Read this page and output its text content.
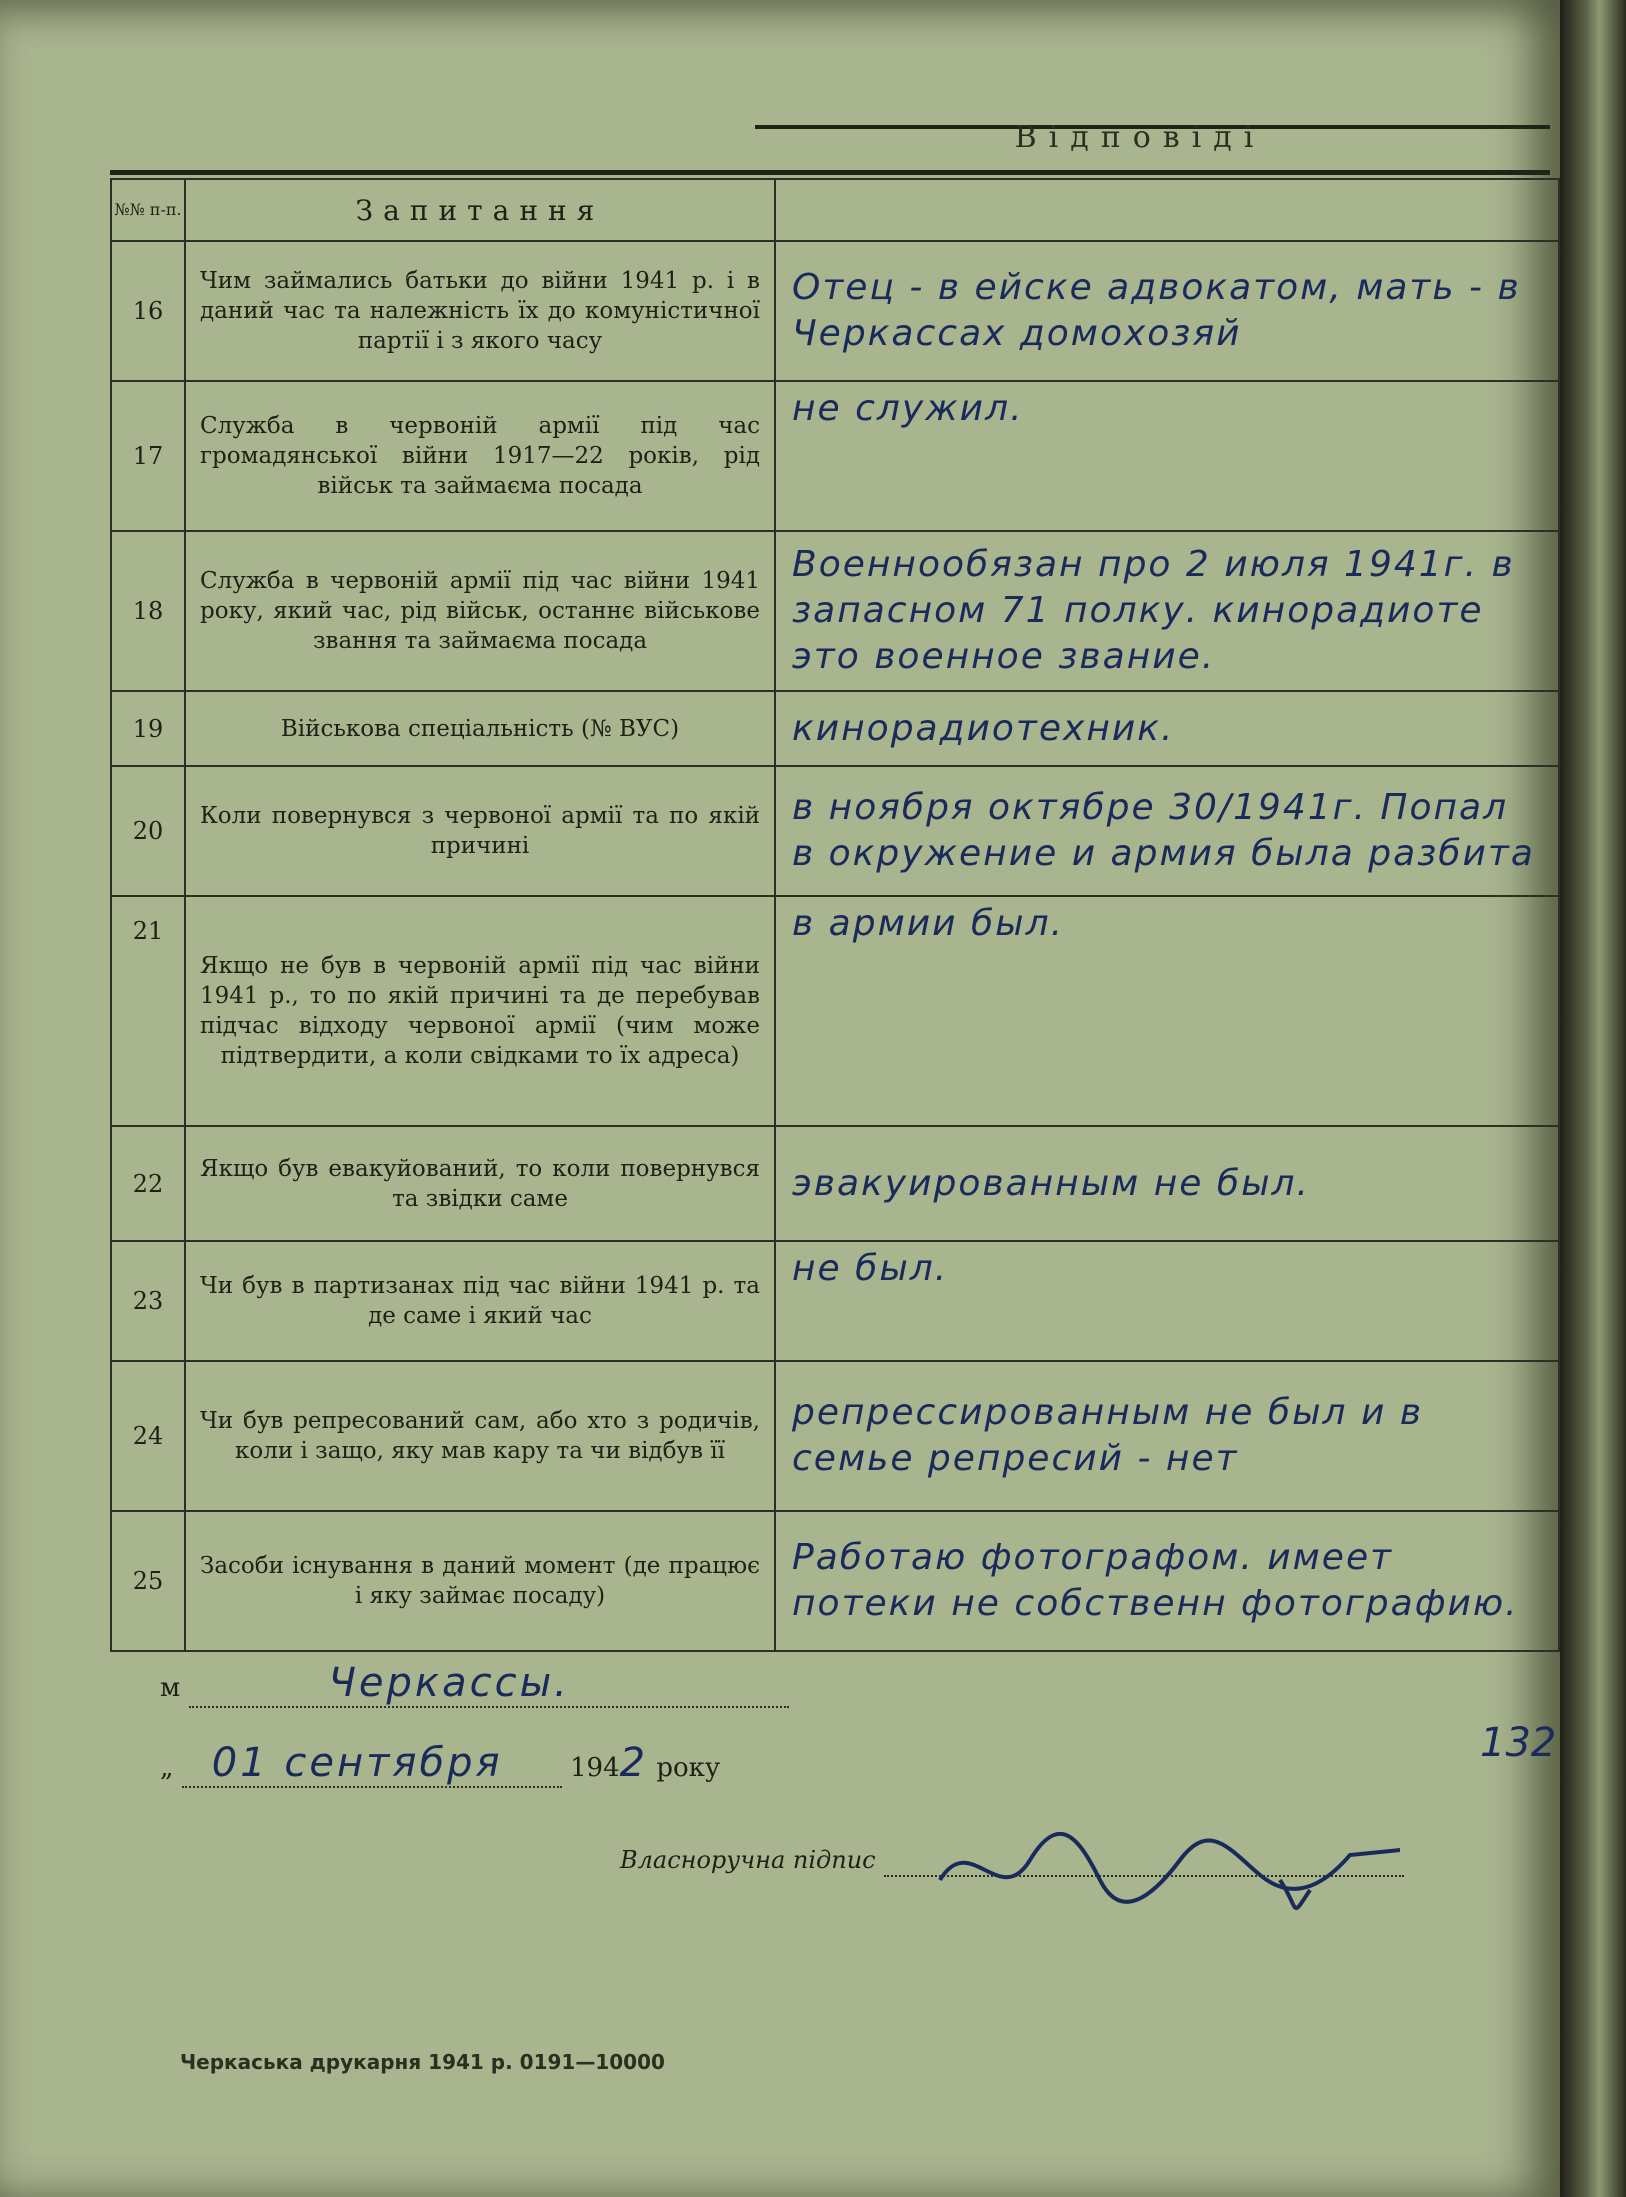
Відповіді
№№ п-п.	Запитання	
16	Чим займались батьки до війни 1941 р. і в даний час та належність їх до комуністичної партії і з якого часу	Отец - в ейске адвокатом, мать - в Черкассах домохозяй
17	Служба в червоній армії під час громадянської війни 1917—22 років, рід військ та займаєма посада	не служил.
18	Служба в червоній армії під час війни 1941 року, який час, рід військ, останнє військове звання та займаєма посада	Военнообязан про 2 июля 1941г. в запасном 71 полку. кинорадиоте это военное звание.
19	Військова спеціальність (№ ВУС)	кинорадиотехник.
20	Коли повернувся з червоної армії та по якій причині	в ноября октябре 30/1941г. Попал в окружение и армия была разбита
21	Якщо не був в червоній армії під час війни 1941 р., то по якій причині та де перебував підчас відходу червоної армії (чим може підтвердити, а коли свідками то їх адреса)	в армии был.
22	Якщо був евакуйований, то коли повернувся та звідки саме	эвакуированным не был.
23	Чи був в партизанах під час війни 1941 р. та де саме і який час	не был.
24	Чи був репресований сам, або хто з родичів, коли і защо, яку мав кару та чи відбув її	репрессированным не был и в семье репресий - нет
25	Засоби існування в даний момент (де працює і яку займає посаду)	Работаю фотографом. имеет потеки не собственн фотографию.
м	Черкассы.
„ 01 сентября	1942 року
Власноручна підпис
132
Черкаська друкарня 1941 р. 0191—10000
